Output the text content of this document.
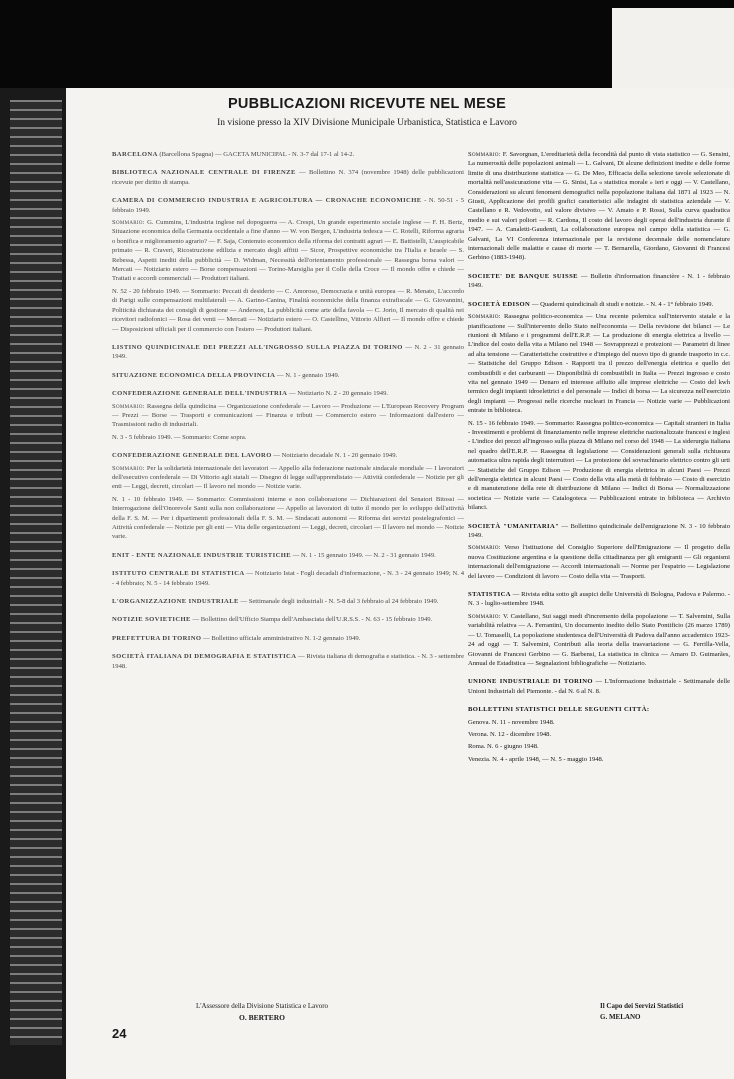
PUBBLICAZIONI RICEVUTE NEL MESE
In visione presso la XIV Divisione Municipale Urbanistica, Statistica e Lavoro

BARCELONA (Barcellona Spagna) — GACETA MUNICIPAL - N. 3-7 dal 17-1 al 14-2.

BIBLIOTECA NAZIONALE CENTRALE DI FIRENZE — Bollettino N. 374 (novembre 1948) delle pubblicazioni ricevute per diritto di stampa.

CAMERA DI COMMERCIO INDUSTRIA E AGRICOLTURA — CRONACHE ECONOMICHE - N. 50-51 - 5 febbraio 1949.

Sommario: G. Cummins, L'industria inglese nel dopoguerra — A. Crespi, Un grande esperimento sociale inglese — F. H. Bertz, Situazione economica della Germania occidentale a fine d'anno — W. von Bergen, L'industria tedesca — C. Rotelli, Riforma agraria o bonifica e miglioramento agrario? — F. Saja, Contenuto economico della riforma dei contratti agrari — E. Battistelli, L'auspicabile primato — R. Craveri, Ricostruzione edilizia e mercato degli affitti — Sicor, Prospettive economiche tra l'Italia e Israele — S. Rebessa, Aspetti inediti della pubblicità — D. Widman, Necessità dell'orientamento professionale — Rassegna borsa valori — Mercati — Notiziario estero — Borse compensazioni — Torino-Marsiglia per il Colle della Croce — Il mondo offre e chiede — Trattati e accordi commerciali — Produttori italiani.

N. 52 - 20 febbraio 1949. — Sommario: Peccati di desiderio — C. Amoroso, Democrazia e unità europea — R. Menato, L'accordo di Parigi sulle compensazioni multilaterali — A. Garino-Canina, Finalità economiche della finanza extrafiscale — G. Giovannini, Politicità dichiarata dei consigli di gestione — Anderson, La pubblicità come arte della favola — C. Jorio, Il mercato di qualità nei ricevitori radiofonici — Rosa dei venti — Mercati — Notiziario estero — O. Castellino, Vittorio Alfieri — Il mondo offre e chiede — Disposizioni ufficiali per il commercio con l'estero — Produttori italiani.

LISTINO QUINDICINALE DEI PREZZI ALL'INGROSSO SULLA PIAZZA DI TORINO — N. 2 - 31 gennaio 1949.

SITUAZIONE ECONOMICA DELLA PROVINCIA — N. 1 - gennaio 1949.

CONFEDERAZIONE GENERALE DELL'INDUSTRIA — Notiziario N. 2 - 20 gennaio 1949.

Sommario: Rassegna della quindicina — Organizzazione confederale — Lavoro — Produzione — L'European Recovery Program — Prezzi — Borse — Trasporti e comunicazioni — Finanza e tributi — Commercio estero — Informazioni dall'estero — Trasmissioni radio di industriali.

N. 3 - 5 febbraio 1949. — Sommario: Come sopra.

CONFEDERAZIONE GENERALE DEL LAVORO — Notiziario decadale N. 1 - 20 gennaio 1949.

Sommario: Per la solidarietà internazionale dei lavoratori — Appello alla federazione nazionale sindacale mondiale — I lavoratori dell'esecutivo confederale — Di Vittorio agli statali — Disegno di legge sull'apprendistato — Attività confederale — Notizie per gli enti — Leggi, decreti, circolari — Il lavoro nel mondo — Notizie varie.

N. 1 - 10 febbraio 1949. — Sommario: Commissioni interne e non collaborazione — Dichiarazioni del Senatori Bitossi — Interrogazione dell'Onorevole Santi sulla non collaborazione — Appello ai lavoratori di tutto il mondo per lo sviluppo dell'attività della F. S. M. — Per i dipartimenti professionali della F. S. M. — Sindacati autonomi — Riforma dei servizi postelegrafonici — Attività confederale — Notizie per gli enti — Vita delle organizzazioni — Leggi, decreti, circolari — Il lavoro nel mondo — Notizie varie.

ENIT - ENTE NAZIONALE INDUSTRIE TURISTICHE — N. 1 - 15 gennaio 1949. — N. 2 - 31 gennaio 1949.

ISTITUTO CENTRALE DI STATISTICA — Notiziario Istat - Fogli decadali d'informazione, - N. 3 - 24 gennaio 1949; N. 4 - 4 febbraio; N. 5 - 14 febbraio 1949.

L'ORGANIZZAZIONE INDUSTRIALE — Settimanale degli industriali - N. 5-8 dal 3 febbraio al 24 febbraio 1949.

NOTIZIE SOVIETICHE — Bollettino dell'Ufficio Stampa dell'Ambasciata dell'U.R.S.S. - N. 63 - 15 febbraio 1949.

PREFETTURA DI TORINO — Bollettino ufficiale amministrativo N. 1-2 gennaio 1949.

SOCIETÀ ITALIANA DI DEMOGRAFIA E STATISTICA — Rivista italiana di demografia e statistica. - N. 3 - settembre 1948.

Sommario: F. Savorgnan, L'ereditarietà della fecondità dal punto di vista statistico — G. Sensini, La numerosità delle popolazioni animali — L. Galvani, Di alcune definizioni inedite e delle forme limite di una distribuzione statistica — G. De Meo, Efficacia della selezione tavole selezionate di mortalità nell'assicurazione vita — G. Sinisi, La « statistica morale » ieri e oggi — V. Castellano, Considerazioni su alcuni fenomeni demografici nella popolazione italiana dal 1871 al 1923 — N. Giusti, Applicazione dei profili grafici caratteristici alle indagini di statistica aziendale — V. Castellano e R. Vedovotto, sul valore divisivo — V. Amato e P. Rossi, Sulla curva quadratica medio e sui valori poliori — R. Cardona, Il costo del lavoro degli operai dell'industria durante il 1947. — A. Canaletti-Gaudenti, La collaborazione europea nel campo della statistica — G. Galvani, La VI Conferenza internazionale per la revisione decennale delle nomenclature internazionali delle malattie e cause di morte — T. Bernarella, Giordano, Giovanni di Francesi Gerbino (1883-1948).

SOCIETE' DE BANQUE SUISSE — Bulletin d'information financière - N. 1 - febbraio 1949.

SOCIETÀ EDISON — Quaderni quindicinali di studi e notizie. - N. 4 - 1° febbraio 1949.

Sommario: Rassegna politico-economica — Una recente polemica sull'intervento statale e la pianificazione — Sull'intervento dello Stato nell'economia — Della revisione dei bilanci — Le riunioni di Milano e i programmi dell'E.R.P. — La produzione di energia elettrica a livello — L'indice del costo della vita a Milano nel 1948 — Sovrapprezzi e protezioni — Parametri di linee ad alta tensione — Caratteristiche costruttive e d'impiego del nuovo tipo di grande trasporto in c.c. — Statistiche del Gruppo Edison - Rapporti tra il prezzo dell'energia elettrica e quello dei combustibili e dei carburanti — Disponibilità di combustibili in Italia — Prezzi ingrosso e costo vita nel gennaio 1949 — Denaro ed interesse affluito alle imprese elettriche — Costo del kwh termico degli impianti idroelettrici e del personale — Indici di borsa — La sicurezza nell'esercizio degli impianti — Progressi nelle ricerche nucleari in Francia — Notizie varie — Pubblicazioni entrate in biblioteca.

N. 15 - 16 febbraio 1949. — Sommario: Rassegna politico-economica — Capitali stranieri in Italia - Investimenti e problemi di finanziamento nelle imprese elettriche nazionalizzate francesi e inglesi - L'indice dei prezzi all'ingrosso sulla piazza di Milano nel corso del 1948 — La siderurgia italiana nel quadro dell'E.R.P. — Rassegna di legislazione — Considerazioni generali sulla richiusura automatica ultra rapida degli interruttori — La protezione del sovrachinario elettrico contro gli urti — Statistiche del Gruppo Edison — Produzione di energia elettrica in alcuni Paesi — Prezzi dell'energia elettrica in alcuni Paesi — Costo della vita alla metà di febbraio — Costo di esercizio e di manutenzione della rete di distribuzione di Milano — Indici di Borsa — Normalizzazione societica — Notizie varie — Catalogotecа — Pubblicazioni entrate in biblioteca — Archivio bilanci.

SOCIETÀ "UMANITARIA" — Bollettino quindicinale dell'emigrazione N. 3 - 10 febbraio 1949.

Sommario: Verso l'istituzione del Consiglio Superiore dell'Emigrazione — Il progetto della nuova Costituzione argentina e la questione della cittadinanza per gli emigranti — Gli organismi internazionali dell'emigrazione — Accordi internazionali — Norme per l'espatrio — Legislazione del lavoro — Condizioni di lavoro — Costo della vita — Trasporti.

STATISTICA — Rivista edita sotto gli auspici delle Università di Bologna, Padova e Palermo. - N. 3 - luglio-settembre 1948.

Sommario: V. Castellano, Sui saggi medi d'incremento della popolazione — T. Salvemini, Sulla variabilità relativa — A. Ferrantini, Un documento inedito dello Stato Pontificio (26 marzo 1789) — U. Tomaselli, La popolazione studentesca dell'Università di Padova dall'anno accademico 1923-24 ad oggi — T. Salvemini, Contributi alla teoria della trasvariazione — G. Ferrilla-Vella, Giovanni de Francesi Gerbino — G. Barbensi, La statistica in clinica — Amaro D. Guimarães, Annual de Estadistica — Segnalazioni bibliografiche — Notiziario.

UNIONE INDUSTRIALE DI TORINO — L'Informazione Industriale - Settimanale delle Unioni Industriali del Piemonte. - dal N. 6 al N. 8.

BOLLETTINI STATISTICI DELLE SEGUENTI CITTÀ:

Genova. N. 11 - novembre 1948.

Verona. N. 12 - dicembre 1948.

Roma. N. 6 - giugno 1948.

Venezia. N. 4 - aprile 1948, — N. 5 - maggio 1948.

L'Assessore della Divisione Statistica e Lavoro
O. BERTERO
Il Capo dei Servizi Statistici
G. MELANO
24
